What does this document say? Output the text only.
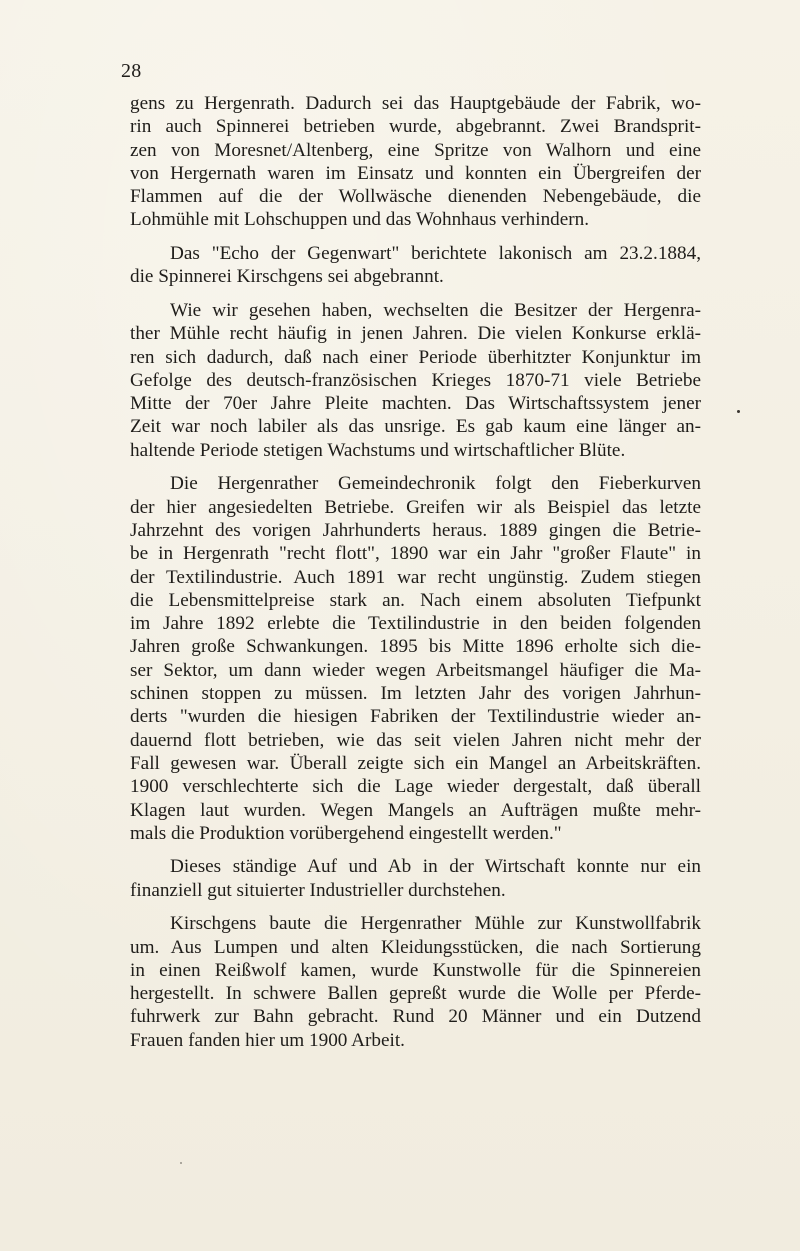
28
gens zu Hergenrath. Dadurch sei das Hauptgebäude der Fabrik, wo-
rin auch Spinnerei betrieben wurde, abgebrannt. Zwei Brandsprit-
zen von Moresnet/Altenberg, eine Spritze von Walhorn und eine
von Hergernath waren im Einsatz und konnten ein Übergreifen der
Flammen auf die der Wollwäsche dienenden Nebengebäude, die
Lohmühle mit Lohschuppen und das Wohnhaus verhindern.
Das "Echo der Gegenwart" berichtete lakonisch am 23.2.1884,
die Spinnerei Kirschgens sei abgebrannt.
Wie wir gesehen haben, wechselten die Besitzer der Hergenra-
ther Mühle recht häufig in jenen Jahren. Die vielen Konkurse erklä-
ren sich dadurch, daß nach einer Periode überhitzter Konjunktur im
Gefolge des deutsch-französischen Krieges 1870-71 viele Betriebe
Mitte der 70er Jahre Pleite machten. Das Wirtschaftssystem jener
Zeit war noch labiler als das unsrige. Es gab kaum eine länger an-
haltende Periode stetigen Wachstums und wirtschaftlicher Blüte.
Die Hergenrather Gemeindechronik folgt den Fieberkurven
der hier angesiedelten Betriebe. Greifen wir als Beispiel das letzte
Jahrzehnt des vorigen Jahrhunderts heraus. 1889 gingen die Betrie-
be in Hergenrath "recht flott", 1890 war ein Jahr "großer Flaute" in
der Textilindustrie. Auch 1891 war recht ungünstig. Zudem stiegen
die Lebensmittelpreise stark an. Nach einem absoluten Tiefpunkt
im Jahre 1892 erlebte die Textilindustrie in den beiden folgenden
Jahren große Schwankungen. 1895 bis Mitte 1896 erholte sich die-
ser Sektor, um dann wieder wegen Arbeitsmangel häufiger die Ma-
schinen stoppen zu müssen. Im letzten Jahr des vorigen Jahrhun-
derts "wurden die hiesigen Fabriken der Textilindustrie wieder an-
dauernd flott betrieben, wie das seit vielen Jahren nicht mehr der
Fall gewesen war. Überall zeigte sich ein Mangel an Arbeitskräften.
1900 verschlechterte sich die Lage wieder dergestalt, daß überall
Klagen laut wurden. Wegen Mangels an Aufträgen mußte mehr-
mals die Produktion vorübergehend eingestellt werden."
Dieses ständige Auf und Ab in der Wirtschaft konnte nur ein
finanziell gut situierter Industrieller durchstehen.
Kirschgens baute die Hergenrather Mühle zur Kunstwollfabrik
um. Aus Lumpen und alten Kleidungsstücken, die nach Sortierung
in einen Reißwolf kamen, wurde Kunstwolle für die Spinnereien
hergestellt. In schwere Ballen gepreßt wurde die Wolle per Pferde-
fuhrwerk zur Bahn gebracht. Rund 20 Männer und ein Dutzend
Frauen fanden hier um 1900 Arbeit.
